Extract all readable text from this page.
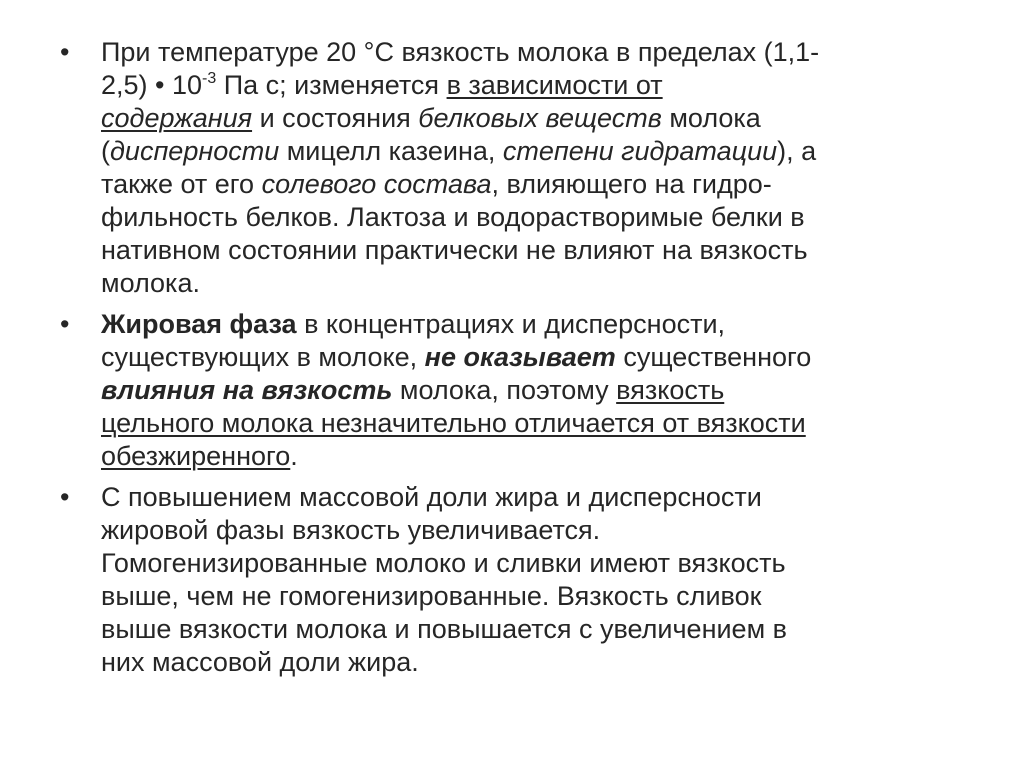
•	При температуре 20 °С вязкость молока в пределах (1,1-
2,5) • $10^{-3}$ Па с; изменяется в зависимости от
содержания и состояния белковых веществ молока
(дисперности мицелл казеина, степени гидратации), а
также от его солевого состава, влияющего на гидро-
фильность белков. Лактоза и водорастворимые белки в
нативном состоянии практически не влияют на вязкость
молока.
•	Жировая фаза в концентрациях и дисперсности,
существующих в молоке, не оказывает существенного
влияния на вязкость молока, поэтому вязкость
цельного молока незначительно отличается от вязкости
обезжиренного.
•	С повышением массовой доли жира и дисперсности
жировой фазы вязкость увеличивается.
Гомогенизированные молоко и сливки имеют вязкость
выше, чем не гомогенизированные. Вязкость сливок
выше вязкости молока и повышается с увеличением в
них массовой доли жира.
